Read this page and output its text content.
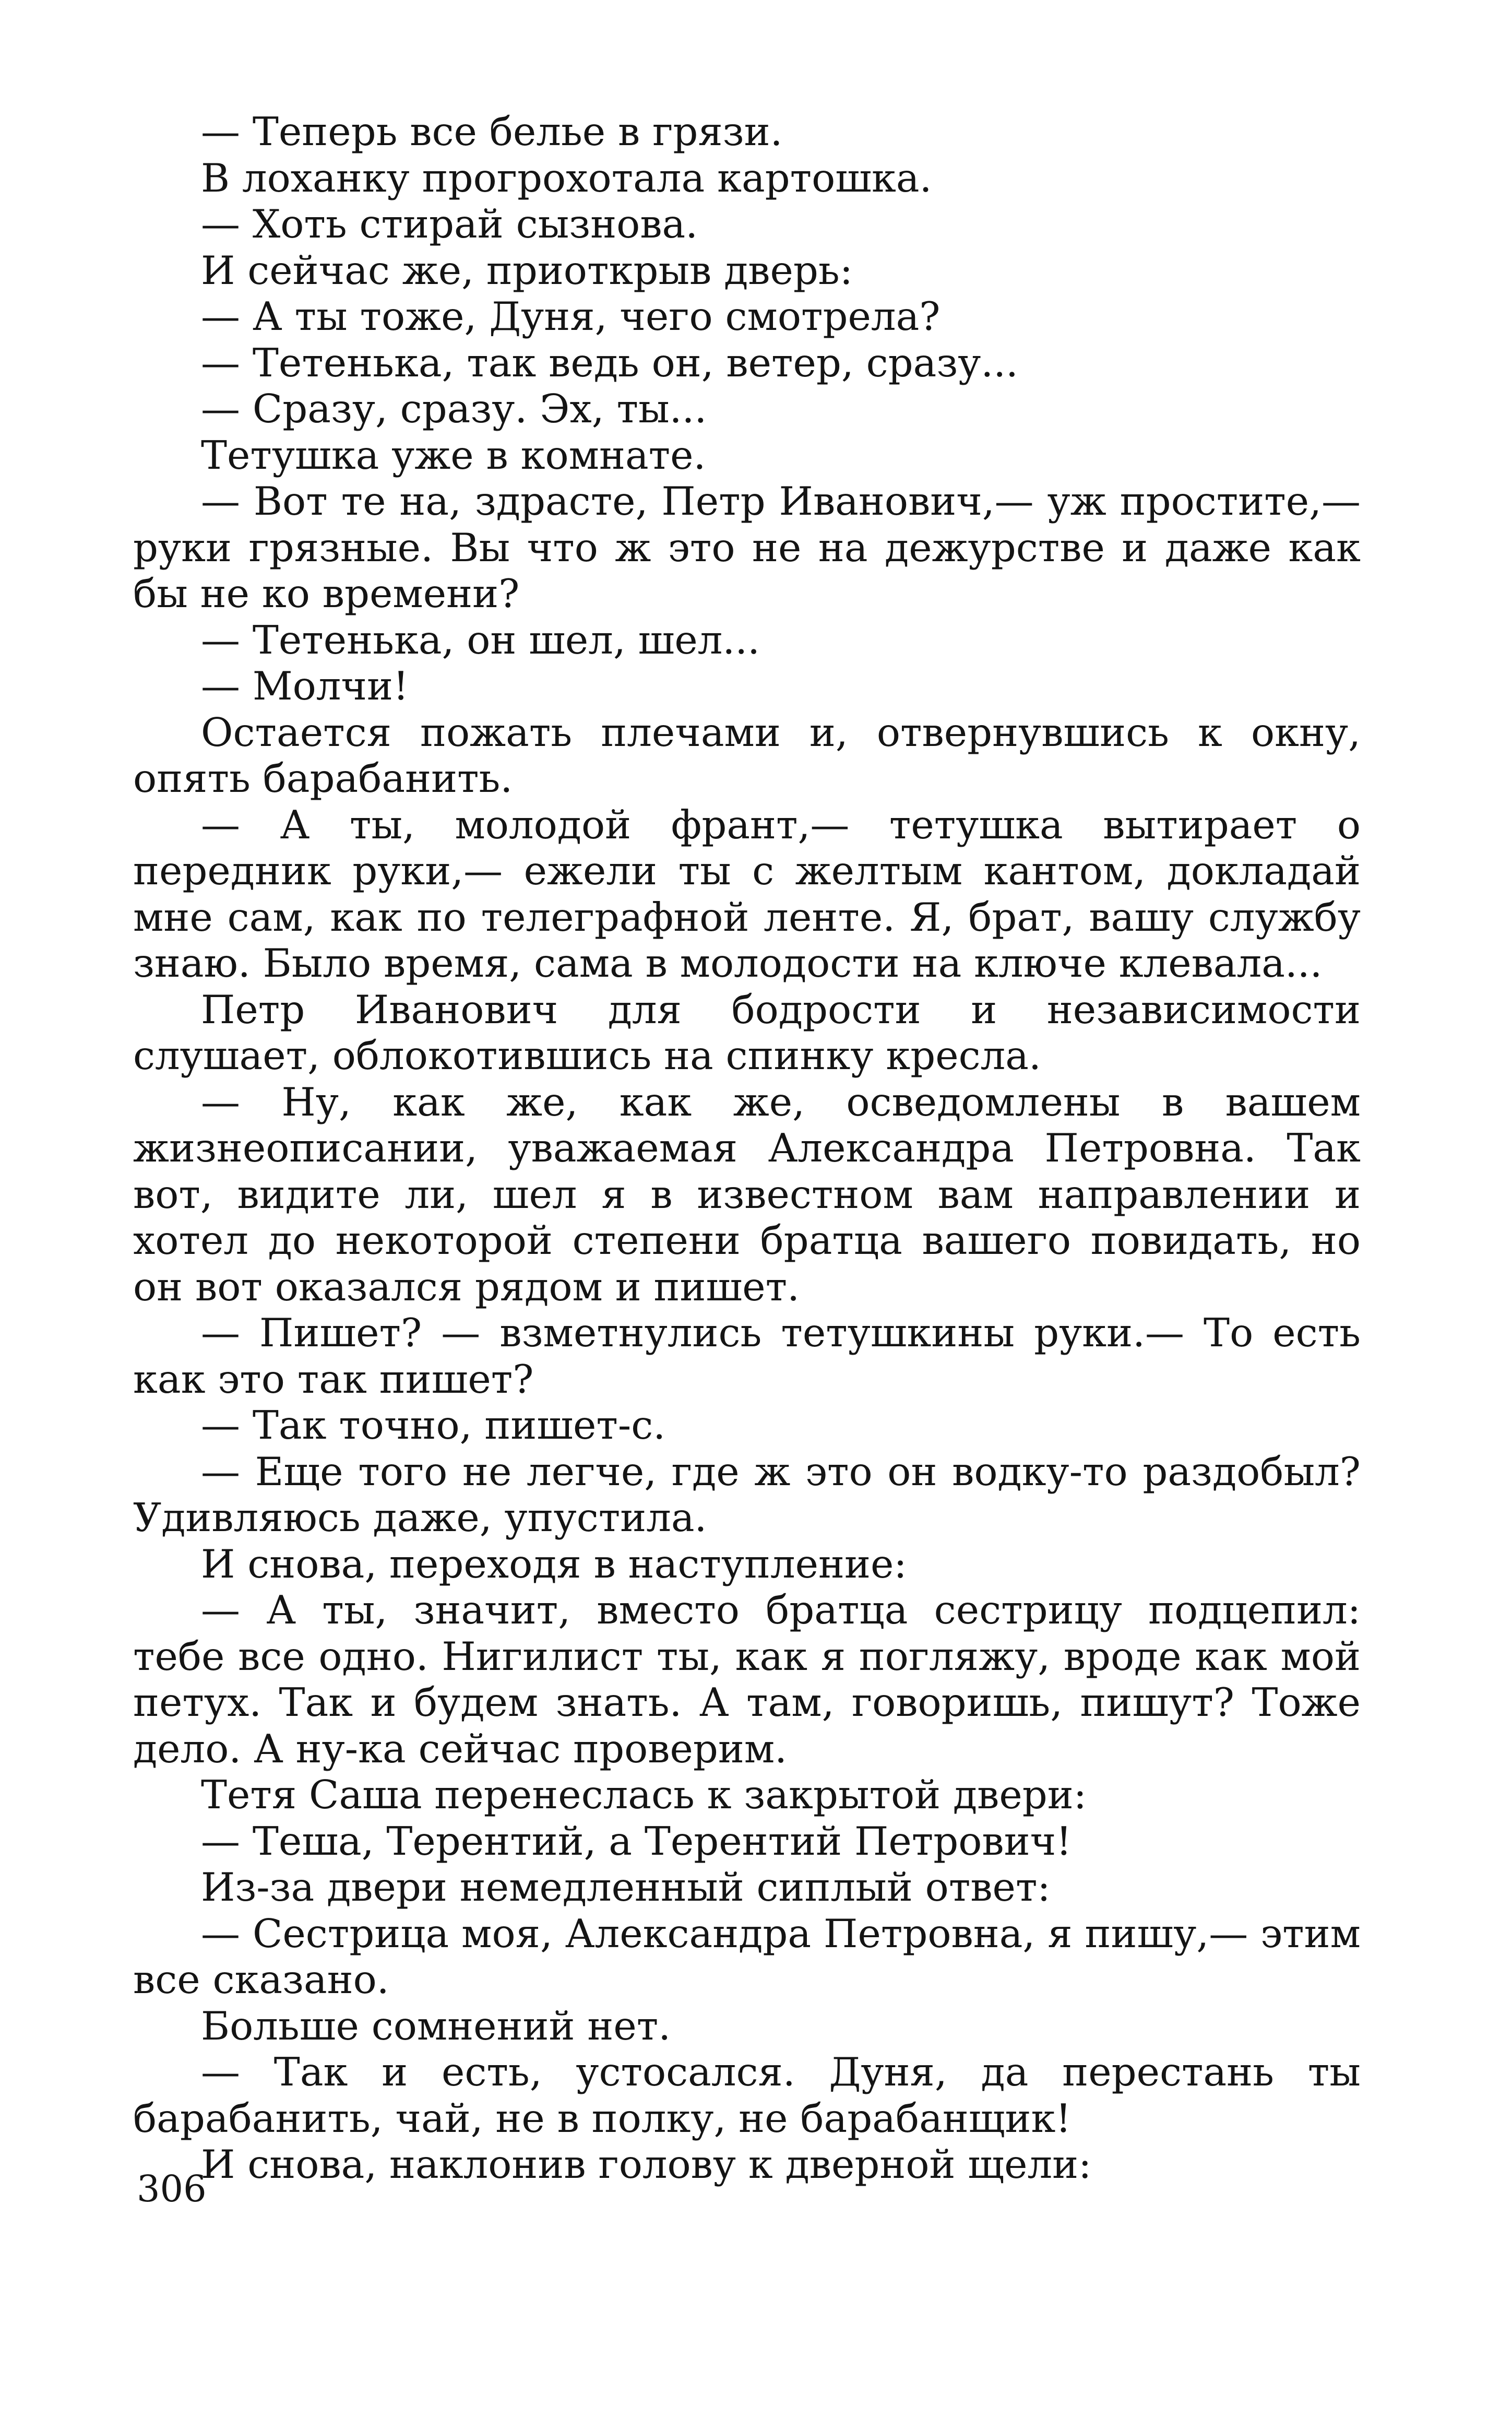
— Теперь все белье в грязи.

В лоханку прогрохотала картошка.

— Хоть стирай сызнова.

И сейчас же, приоткрыв дверь:

— А ты тоже, Дуня, чего смотрела?

— Тетенька, так ведь он, ветер, сразу...

— Сразу, сразу. Эх, ты...

Тетушка уже в комнате.

— Вот те на, здрасте, Петр Иванович,— уж простите,— руки грязные. Вы что ж это не на дежурстве и даже как бы не ко времени?

— Тетенька, он шел, шел...

— Молчи!

Остается пожать плечами и, отвернувшись к окну, опять барабанить.

— А ты, молодой франт,— тетушка вытирает о передник руки,— ежели ты с желтым кантом, докладай мне сам, как по телеграфной ленте. Я, брат, вашу службу знаю. Было время, сама в молодости на ключе клевала...

Петр Иванович для бодрости и независимости слушает, облокотившись на спинку кресла.

— Ну, как же, как же, осведомлены в вашем жизнеописании, уважаемая Александра Петровна. Так вот, видите ли, шел я в известном вам направлении и хотел до некоторой степени братца вашего повидать, но он вот оказался рядом и пишет.

— Пишет? — взметнулись тетушкины руки.— То есть как это так пишет?

— Так точно, пишет-с.

— Еще того не легче, где ж это он водку-то раздобыл? Удивляюсь даже, упустила.

И снова, переходя в наступление:

— А ты, значит, вместо братца сестрицу подцепил: тебе все одно. Нигилист ты, как я погляжу, вроде как мой петух. Так и будем знать. А там, говоришь, пишут? Тоже дело. А ну-ка сейчас проверим.

Тетя Саша перенеслась к закрытой двери:

— Теша, Терентий, а Терентий Петрович!

Из-за двери немедленный сиплый ответ:

— Сестрица моя, Александра Петровна, я пишу,— этим все сказано.

Больше сомнений нет.

— Так и есть, устосался. Дуня, да перестань ты барабанить, чай, не в полку, не барабанщик!

И снова, наклонив голову к дверной щели:

306
